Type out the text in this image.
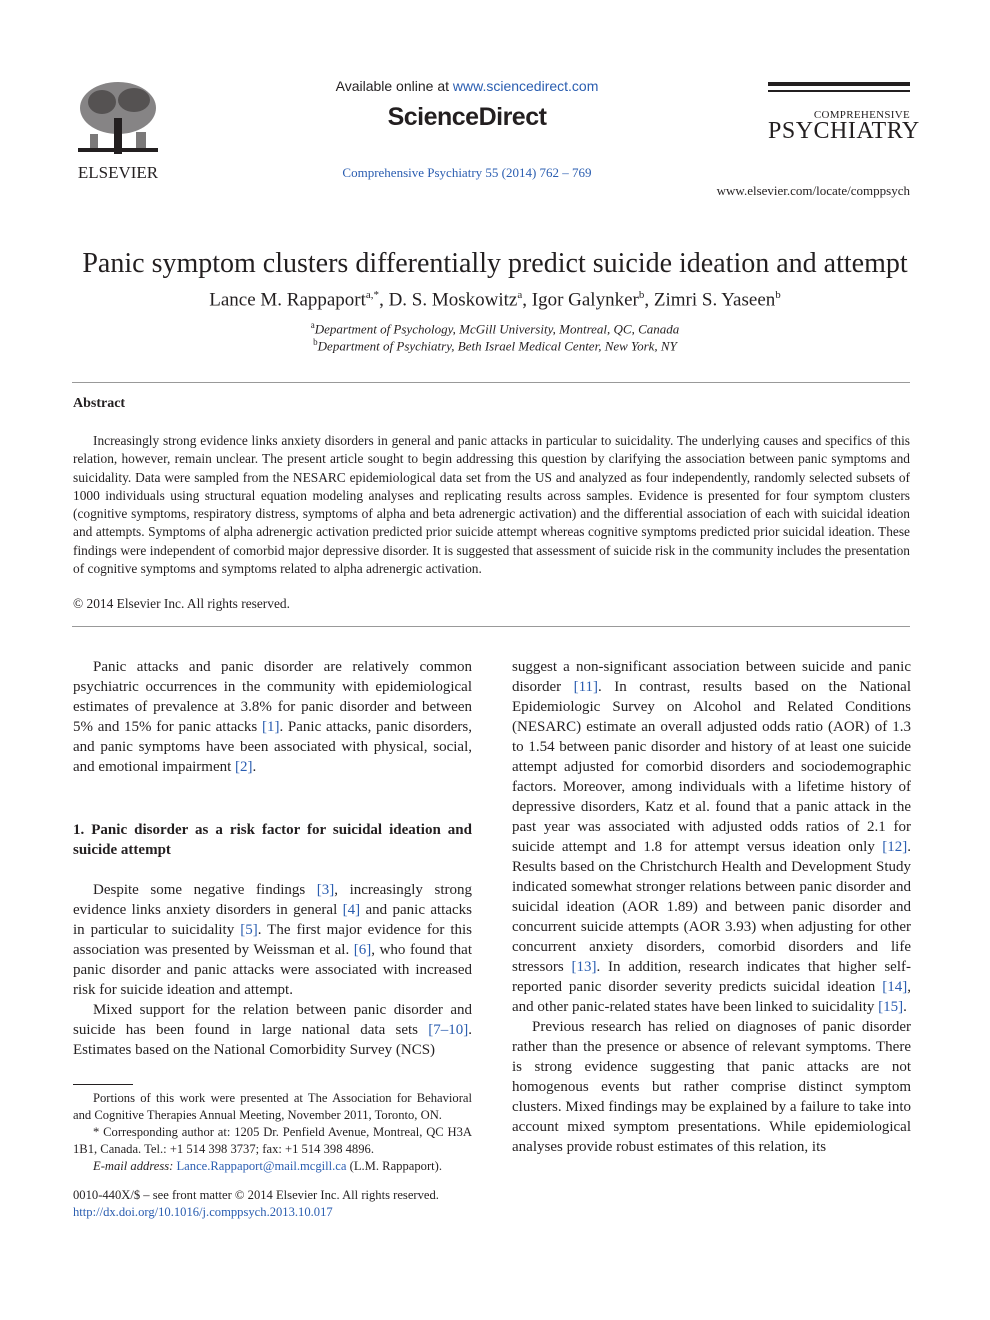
ELSEVIER
Available online at www.sciencedirect.com
ScienceDirect
Comprehensive Psychiatry 55 (2014) 762 – 769
COMPREHENSIVE
PSYCHIATRY
www.elsevier.com/locate/comppsych
Panic symptom clusters differentially predict suicide ideation and attempt
Lance M. Rappaport$^{a,*}$, D. S. Moskowitz$^a$, Igor Galynker$^b$, Zimri S. Yaseen$^b$
$^a$Department of Psychology, McGill University, Montreal, QC, Canada
$^b$Department of Psychiatry, Beth Israel Medical Center, New York, NY
Abstract

Increasingly strong evidence links anxiety disorders in general and panic attacks in particular to suicidality. The underlying causes and specifics of this relation, however, remain unclear. The present article sought to begin addressing this question by clarifying the association between panic symptoms and suicidality. Data were sampled from the NESARC epidemiological data set from the US and analyzed as four independently, randomly selected subsets of 1000 individuals using structural equation modeling analyses and replicating results across samples. Evidence is presented for four symptom clusters (cognitive symptoms, respiratory distress, symptoms of alpha and beta adrenergic activation) and the differential association of each with suicidal ideation and attempts. Symptoms of alpha adrenergic activation predicted prior suicide attempt whereas cognitive symptoms predicted prior suicidal ideation. These findings were independent of comorbid major depressive disorder. It is suggested that assessment of suicide risk in the community includes the presentation of cognitive symptoms and symptoms related to alpha adrenergic activation.

© 2014 Elsevier Inc. All rights reserved.

Panic attacks and panic disorder are relatively common psychiatric occurrences in the community with epidemiological estimates of prevalence at 3.8% for panic disorder and between 5% and 15% for panic attacks [1]. Panic attacks, panic disorders, and panic symptoms have been associated with physical, social, and emotional impairment [2].

1. Panic disorder as a risk factor for suicidal ideation and suicide attempt

Despite some negative findings [3], increasingly strong evidence links anxiety disorders in general [4] and panic attacks in particular to suicidality [5]. The first major evidence for this association was presented by Weissman et al. [6], who found that panic disorder and panic attacks were associated with increased risk for suicide ideation and attempt.

Mixed support for the relation between panic disorder and suicide has been found in large national data sets [7–10]. Estimates based on the National Comorbidity Survey (NCS)

suggest a non-significant association between suicide and panic disorder [11]. In contrast, results based on the National Epidemiologic Survey on Alcohol and Related Conditions (NESARC) estimate an overall adjusted odds ratio (AOR) of 1.3 to 1.54 between panic disorder and history of at least one suicide attempt adjusted for comorbid disorders and sociodemographic factors. Moreover, among individuals with a lifetime history of depressive disorders, Katz et al. found that a panic attack in the past year was associated with adjusted odds ratios of 2.1 for suicide attempt and 1.8 for attempt versus ideation only [12]. Results based on the Christchurch Health and Development Study indicated somewhat stronger relations between panic disorder and suicidal ideation (AOR 1.89) and between panic disorder and concurrent suicide attempts (AOR 3.93) when adjusting for other concurrent anxiety disorders, comorbid disorders and life stressors [13]. In addition, research indicates that higher self-reported panic disorder severity predicts suicidal ideation [14], and other panic-related states have been linked to suicidality [15].

Previous research has relied on diagnoses of panic disorder rather than the presence or absence of relevant symptoms. There is strong evidence suggesting that panic attacks are not homogenous events but rather comprise distinct symptom clusters. Mixed findings may be explained by a failure to take into account mixed symptom presentations. While epidemiological analyses provide robust estimates of this relation, its

Portions of this work were presented at The Association for Behavioral and Cognitive Therapies Annual Meeting, November 2011, Toronto, ON.

* Corresponding author at: 1205 Dr. Penfield Avenue, Montreal, QC H3A 1B1, Canada. Tel.: +1 514 398 3737; fax: +1 514 398 4896.

E-mail address: Lance.Rappaport@mail.mcgill.ca (L.M. Rappaport).

0010-440X/$ – see front matter © 2014 Elsevier Inc. All rights reserved.
http://dx.doi.org/10.1016/j.comppsych.2013.10.017
